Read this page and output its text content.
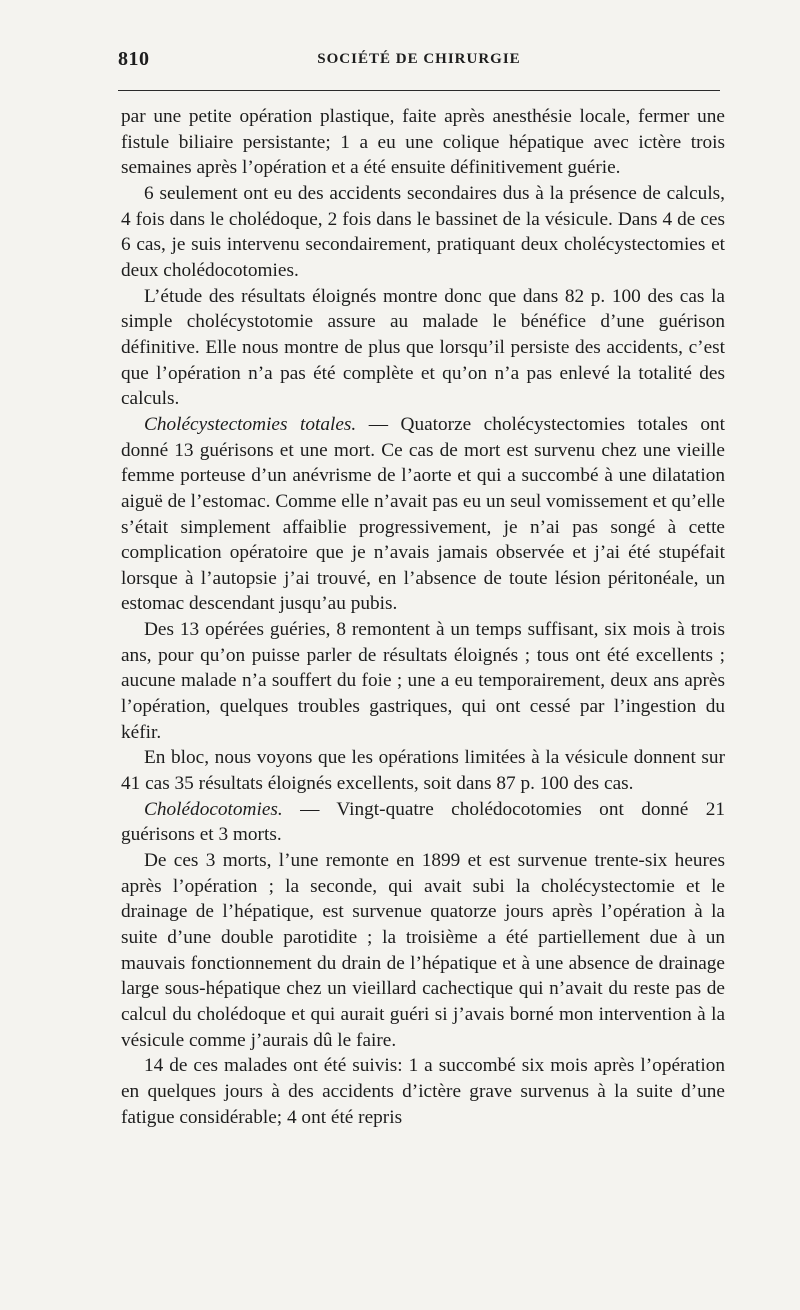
810	SOCIÉTÉ DE CHIRURGIE

par une petite opération plastique, faite après anesthésie locale, fermer une fistule biliaire persistante; 1 a eu une colique hépatique avec ictère trois semaines après l’opération et a été ensuite définitivement guérie.

6 seulement ont eu des accidents secondaires dus à la présence de calculs, 4 fois dans le cholédoque, 2 fois dans le bassinet de la vésicule. Dans 4 de ces 6 cas, je suis intervenu secondairement, pratiquant deux cholécystectomies et deux cholédocotomies.

L’étude des résultats éloignés montre donc que dans 82 p. 100 des cas la simple cholécystotomie assure au malade le bénéfice d’une guérison définitive. Elle nous montre de plus que lorsqu’il persiste des accidents, c’est que l’opération n’a pas été complète et qu’on n’a pas enlevé la totalité des calculs.

Cholécystectomies totales. — Quatorze cholécystectomies totales ont donné 13 guérisons et une mort. Ce cas de mort est survenu chez une vieille femme porteuse d’un anévrisme de l’aorte et qui a succombé à une dilatation aiguë de l’estomac. Comme elle n’avait pas eu un seul vomissement et qu’elle s’était simplement affaiblie progressivement, je n’ai pas songé à cette complication opératoire que je n’avais jamais observée et j’ai été stupéfait lorsque à l’autopsie j’ai trouvé, en l’absence de toute lésion péritonéale, un estomac descendant jusqu’au pubis.

Des 13 opérées guéries, 8 remontent à un temps suffisant, six mois à trois ans, pour qu’on puisse parler de résultats éloignés ; tous ont été excellents ; aucune malade n’a souffert du foie ; une a eu temporairement, deux ans après l’opération, quelques troubles gastriques, qui ont cessé par l’ingestion du kéfir.

En bloc, nous voyons que les opérations limitées à la vésicule donnent sur 41 cas 35 résultats éloignés excellents, soit dans 87 p. 100 des cas.

Cholédocotomies. — Vingt-quatre cholédocotomies ont donné 21 guérisons et 3 morts.

De ces 3 morts, l’une remonte en 1899 et est survenue trente-six heures après l’opération ; la seconde, qui avait subi la cholécystectomie et le drainage de l’hépatique, est survenue quatorze jours après l’opération à la suite d’une double parotidite ; la troisième a été partiellement due à un mauvais fonctionnement du drain de l’hépatique et à une absence de drainage large sous-hépatique chez un vieillard cachectique qui n’avait du reste pas de calcul du cholédoque et qui aurait guéri si j’avais borné mon intervention à la vésicule comme j’aurais dû le faire.

14 de ces malades ont été suivis: 1 a succombé six mois après l’opération en quelques jours à des accidents d’ictère grave survenus à la suite d’une fatigue considérable; 4 ont été repris
